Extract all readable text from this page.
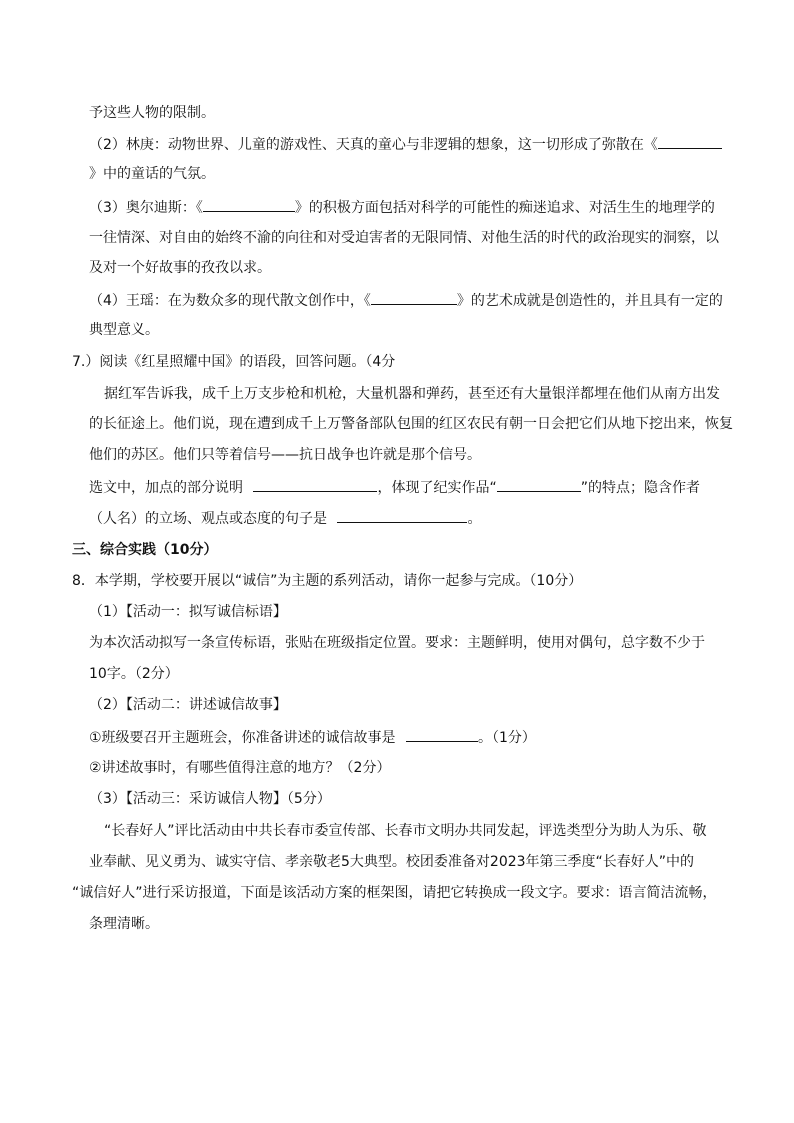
予这些人物的限制。
（2）林庚：动物世界、儿童的游戏性、天真的童心与非逻辑的想象，这一切形成了弥散在《
》中的童话的气氛。
（3）奥尔迪斯：《	》的积极方面包括对科学的可能性的痴迷追求、对活生生的地理学的
一往情深、对自由的始终不渝的向往和对受迫害者的无限同情、对他生活的时代的政治现实的洞察，以
及对一个好故事的孜孜以求。
（4）王瑶：在为数众多的现代散文创作中，《	》的艺术成就是创造性的，并且具有一定的
典型意义。
7.）阅读《红星照耀中国》的语段，回答问题。（4分
据红军告诉我，成千上万支步枪和机枪，大量机器和弹药，甚至还有大量银洋都埋在他们从南方出发
的长征途上。他们说，现在遭到成千上万警备部队包围的红区农民有朝一日会把它们从地下挖出来，恢复
他们的苏区。他们只等着信号——抗日战争也许就是那个信号。
选文中，加点的部分说明	，体现了纪实作品“	”的特点；隐含作者
（人名）的立场、观点或态度的句子是	。
三、综合实践（10分）
8．本学期，学校要开展以“诚信”为主题的系列活动，请你一起参与完成。（10分）
（1）【活动一：拟写诚信标语】
为本次活动拟写一条宣传标语，张贴在班级指定位置。要求：主题鲜明，使用对偶句，总字数不少于
10字。（2分）
（2）【活动二：讲述诚信故事】
①班级要召开主题班会，你准备讲述的诚信故事是	。（1分）
②讲述故事时，有哪些值得注意的地方？（2分）
（3）【活动三：采访诚信人物】（5分）
“长春好人”评比活动由中共长春市委宣传部、长春市文明办共同发起，评选类型分为助人为乐、敬
业奉献、见义勇为、诚实守信、孝亲敬老5大典型。校团委准备对2023年第三季度“长春好人”中的
“诚信好人”进行采访报道，下面是该活动方案的框架图，请把它转换成一段文字。要求：语言简洁流畅，
条理清晰。
